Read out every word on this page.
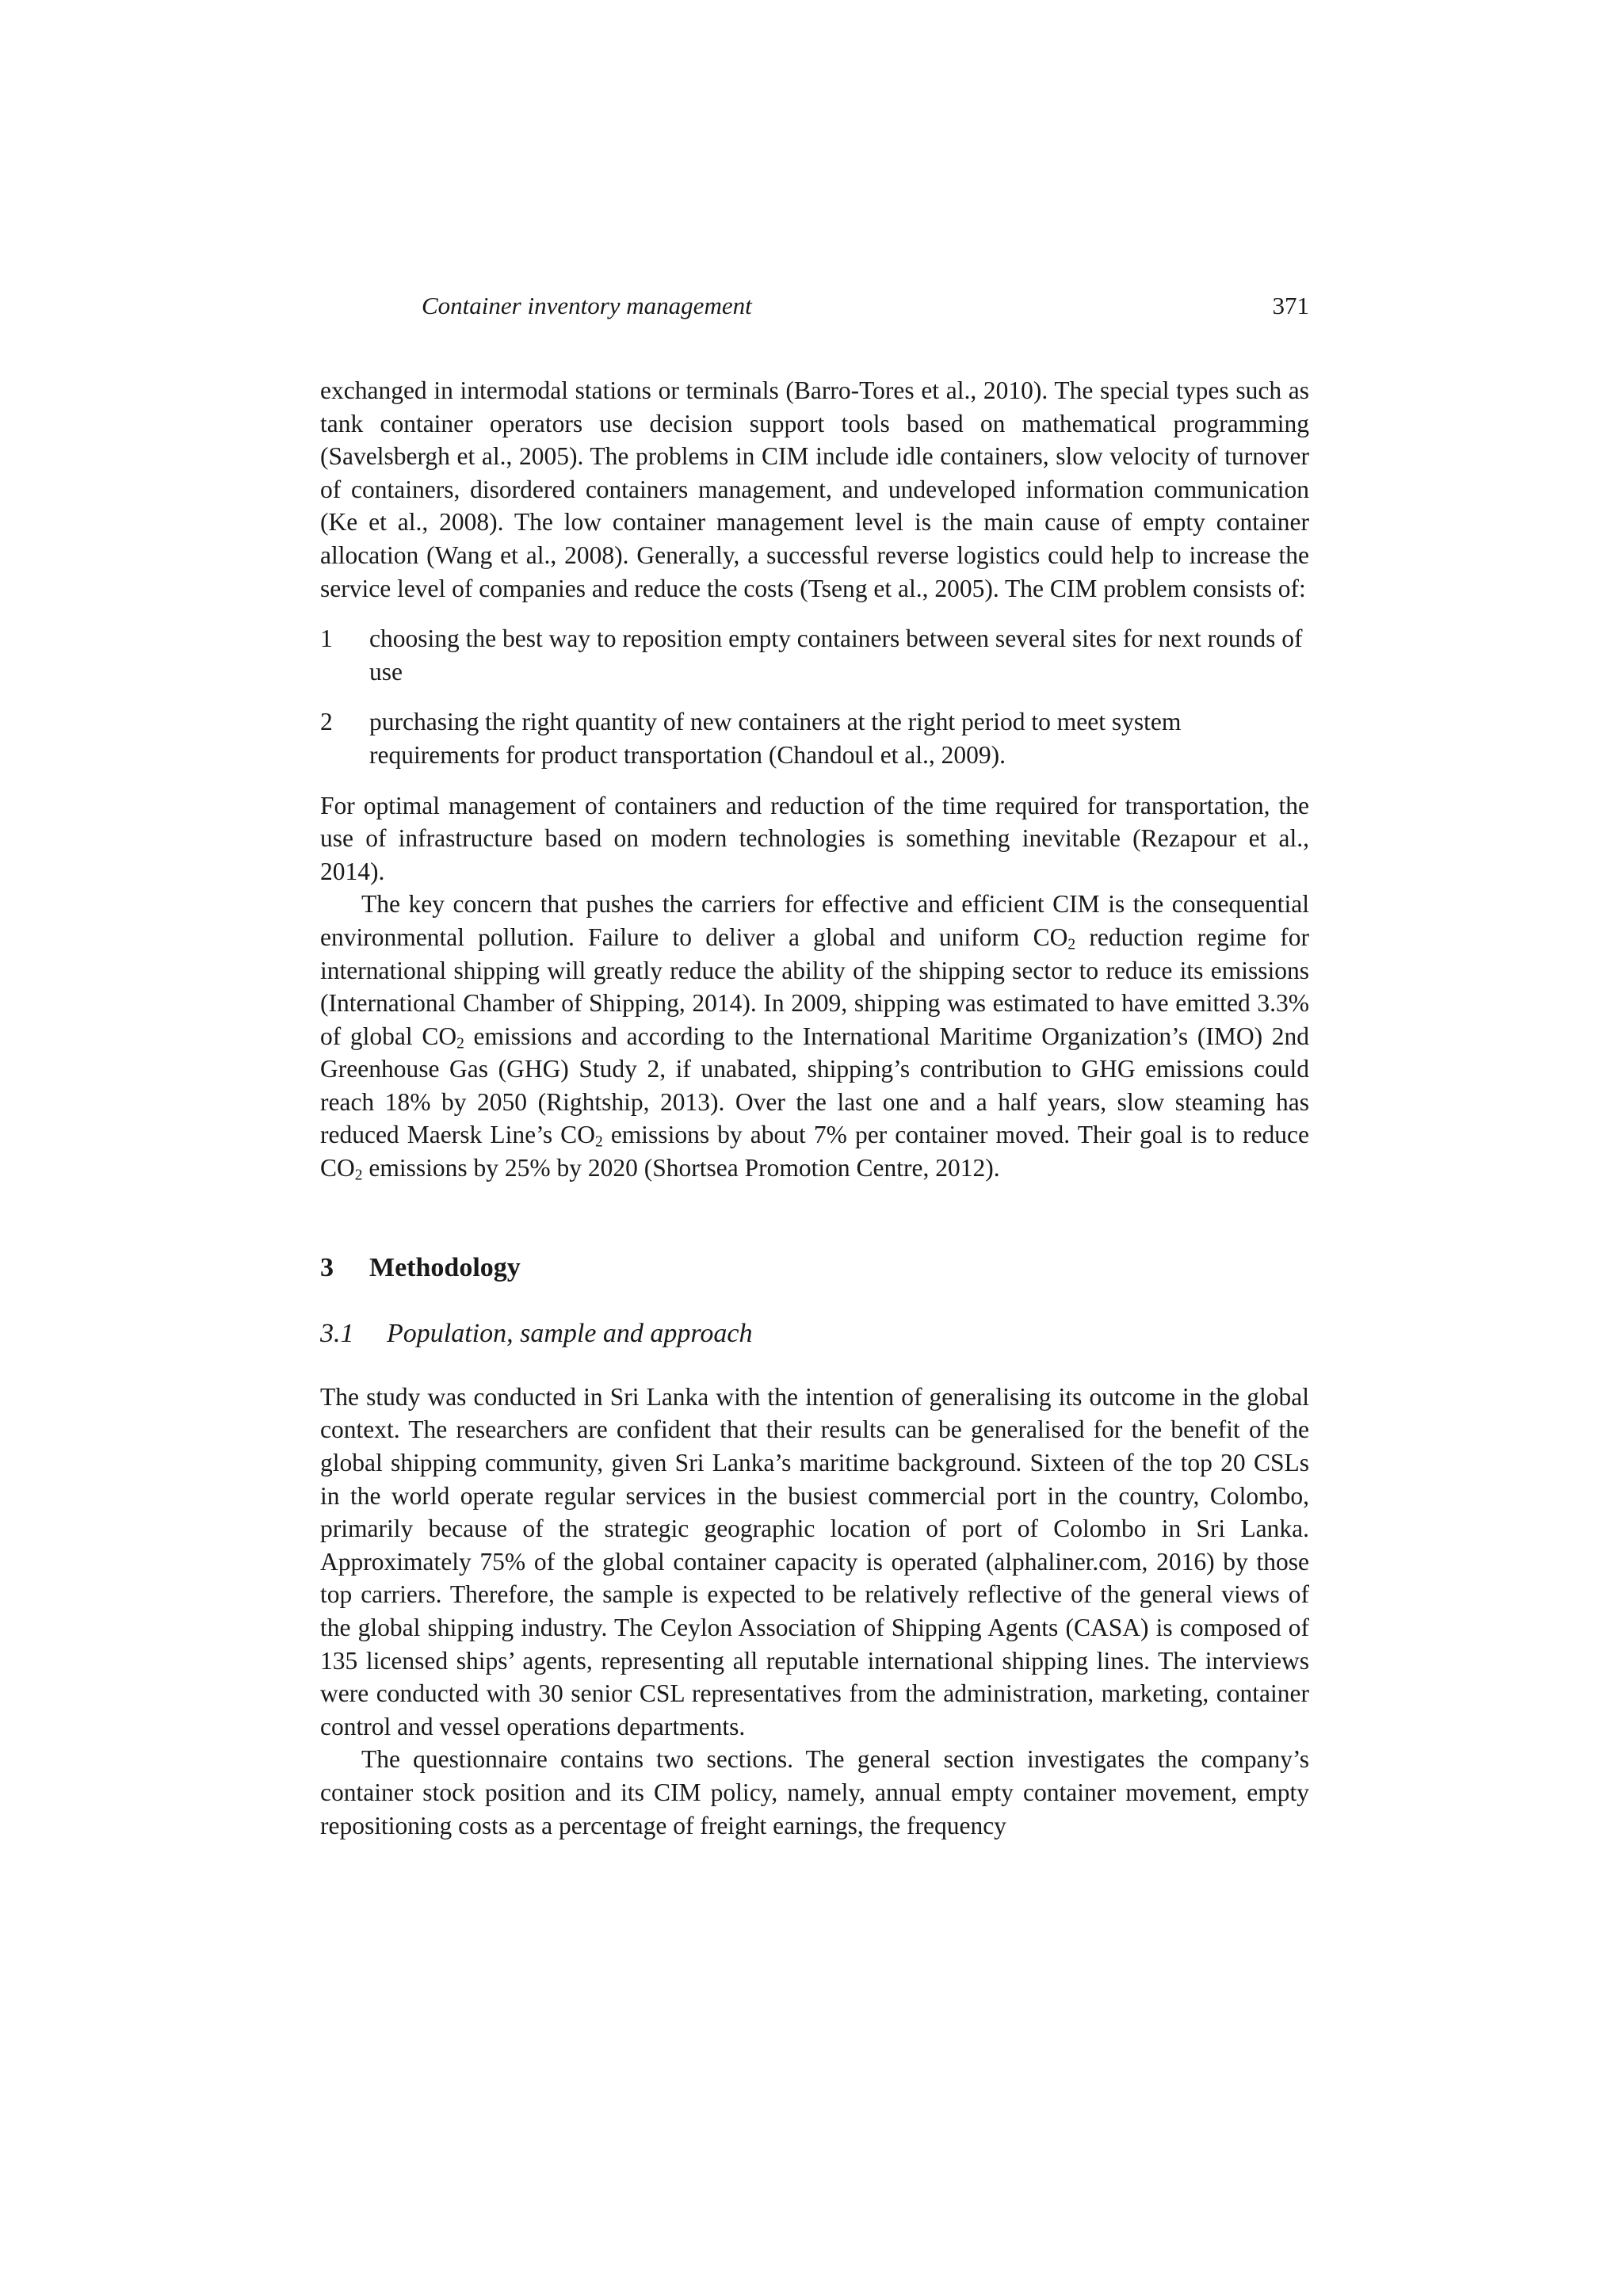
Container inventory management	371

exchanged in intermodal stations or terminals (Barro-Tores et al., 2010). The special types such as tank container operators use decision support tools based on mathematical programming (Savelsbergh et al., 2005). The problems in CIM include idle containers, slow velocity of turnover of containers, disordered containers management, and undeveloped information communication (Ke et al., 2008). The low container management level is the main cause of empty container allocation (Wang et al., 2008). Generally, a successful reverse logistics could help to increase the service level of companies and reduce the costs (Tseng et al., 2005). The CIM problem consists of:

1 choosing the best way to reposition empty containers between several sites for next rounds of use
2 purchasing the right quantity of new containers at the right period to meet system requirements for product transportation (Chandoul et al., 2009).

For optimal management of containers and reduction of the time required for transportation, the use of infrastructure based on modern technologies is something inevitable (Rezapour et al., 2014).

The key concern that pushes the carriers for effective and efficient CIM is the consequential environmental pollution. Failure to deliver a global and uniform $CO_2$ reduction regime for international shipping will greatly reduce the ability of the shipping sector to reduce its emissions (International Chamber of Shipping, 2014). In 2009, shipping was estimated to have emitted 3.3% of global $CO_2$ emissions and according to the International Maritime Organization’s (IMO) 2nd Greenhouse Gas (GHG) Study 2, if unabated, shipping’s contribution to GHG emissions could reach 18% by 2050 (Rightship, 2013). Over the last one and a half years, slow steaming has reduced Maersk Line’s $CO_2$ emissions by about 7% per container moved. Their goal is to reduce $CO_2$ emissions by 25% by 2020 (Shortsea Promotion Centre, 2012).

3	Methodology
3.1	Population, sample and approach

The study was conducted in Sri Lanka with the intention of generalising its outcome in the global context. The researchers are confident that their results can be generalised for the benefit of the global shipping community, given Sri Lanka’s maritime background. Sixteen of the top 20 CSLs in the world operate regular services in the busiest commercial port in the country, Colombo, primarily because of the strategic geographic location of port of Colombo in Sri Lanka. Approximately 75% of the global container capacity is operated (alphaliner.com, 2016) by those top carriers. Therefore, the sample is expected to be relatively reflective of the general views of the global shipping industry. The Ceylon Association of Shipping Agents (CASA) is composed of 135 licensed ships’ agents, representing all reputable international shipping lines. The interviews were conducted with 30 senior CSL representatives from the administration, marketing, container control and vessel operations departments.

The questionnaire contains two sections. The general section investigates the company’s container stock position and its CIM policy, namely, annual empty container movement, empty repositioning costs as a percentage of freight earnings, the frequency
